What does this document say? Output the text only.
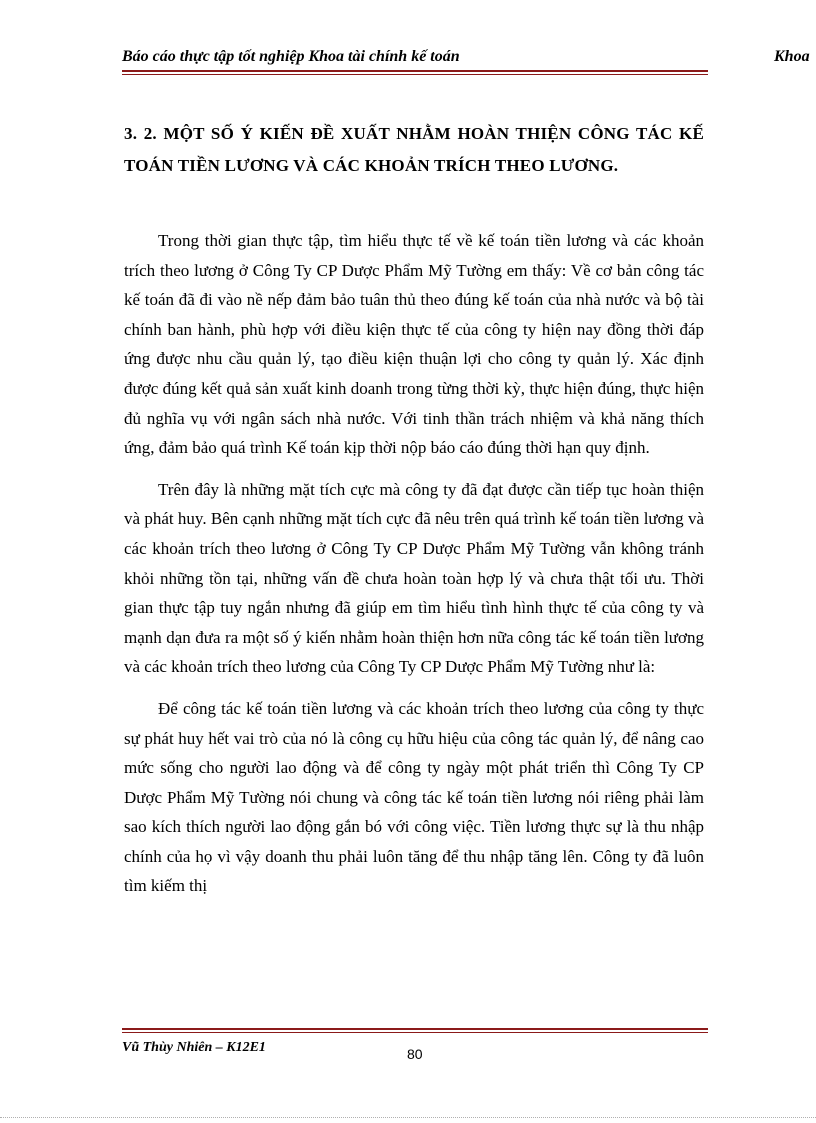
Báo cáo thực tập tốt nghiệp Khoa tài chính kế toán	Khoa
3. 2. MỘT SỐ Ý KIẾN ĐỀ XUẤT NHẰM HOÀN THIỆN CÔNG TÁC KẾ TOÁN TIỀN LƯƠNG VÀ CÁC KHOẢN TRÍCH THEO LƯƠNG.

Trong thời gian thực tập, tìm hiểu thực tế về kế toán tiền lương và các khoản trích theo lương ở Công Ty CP Dược Phẩm Mỹ Tường em thấy: Về cơ bản công tác kế toán đã đi vào nề nếp đảm bảo tuân thủ theo đúng kế toán của nhà nước và bộ tài chính ban hành, phù hợp với điều kiện thực tế của công ty hiện nay đồng thời đáp ứng được nhu cầu quản lý, tạo điều kiện thuận lợi cho công ty quản lý. Xác định được đúng kết quả sản xuất kinh doanh trong từng thời kỳ, thực hiện đúng, thực hiện đủ nghĩa vụ với ngân sách nhà nước. Với tinh thần trách nhiệm và khả năng thích ứng, đảm bảo quá trình Kế toán kịp thời nộp báo cáo đúng thời hạn quy định.

Trên đây là những mặt tích cực mà công ty đã đạt được cần tiếp tục hoàn thiện và phát huy. Bên cạnh những mặt tích cực đã nêu trên quá trình kế toán tiền lương và các khoản trích theo lương ở Công Ty CP Dược Phẩm Mỹ Tường vẫn không tránh khỏi những tồn tại, những vấn đề chưa hoàn toàn hợp lý và chưa thật tối ưu. Thời gian thực tập tuy ngắn nhưng đã giúp em tìm hiểu tình hình thực tế của công ty và mạnh dạn đưa ra một số ý kiến nhằm hoàn thiện hơn nữa công tác kế toán tiền lương và các khoản trích theo lương của Công Ty CP Dược Phẩm Mỹ Tường như là:

Để công tác kế toán tiền lương và các khoản trích theo lương của công ty thực sự phát huy hết vai trò của nó là công cụ hữu hiệu của công tác quản lý, để nâng cao mức sống cho người lao động và để công ty ngày một phát triển thì Công Ty CP Dược Phẩm Mỹ Tường nói chung và công tác kế toán tiền lương nói riêng phải làm sao kích thích người lao động gắn bó với công việc. Tiền lương thực sự là thu nhập chính của họ vì vậy doanh thu phải luôn tăng để thu nhập tăng lên. Công ty đã luôn tìm kiếm thị

Vũ Thùy Nhiên – K12E1	80
